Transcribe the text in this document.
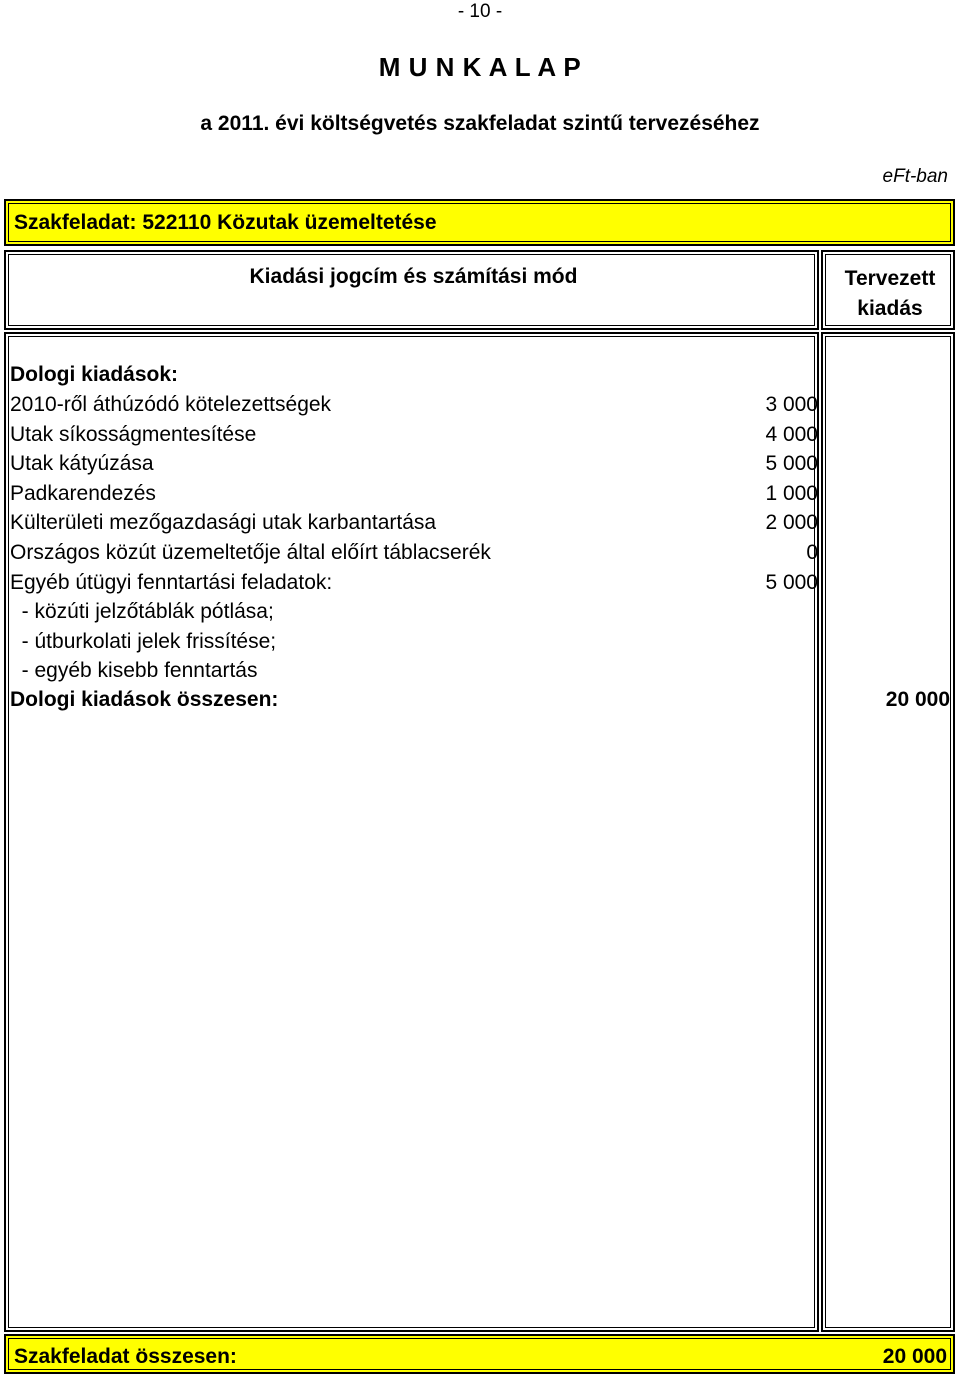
- 10 -
M U N K A L A P
a 2011. évi költségvetés szakfeladat szintű tervezéséhez
eFt-ban
Szakfeladat: 522110 Közutak üzemeltetése
Kiadási jogcím és számítási mód	Tervezett
kiadás
Dologi kiadások:
2010-ről áthúzódó kötelezettségek	3 000
Utak síkosságmentesítése	4 000
Utak kátyúzása	5 000
Padkarendezés	1 000
Külterületi mezőgazdasági utak karbantartása	2 000
Országos közút üzemeltetője által előírt táblacserék	0
Egyéb útügyi fenntartási feladatok:	5 000
- közúti jelzőtáblák pótlása;
- útburkolati jelek frissítése;
- egyéb kisebb fenntartás
Dologi kiadások összesen:	20 000
Szakfeladat összesen:	20 000
